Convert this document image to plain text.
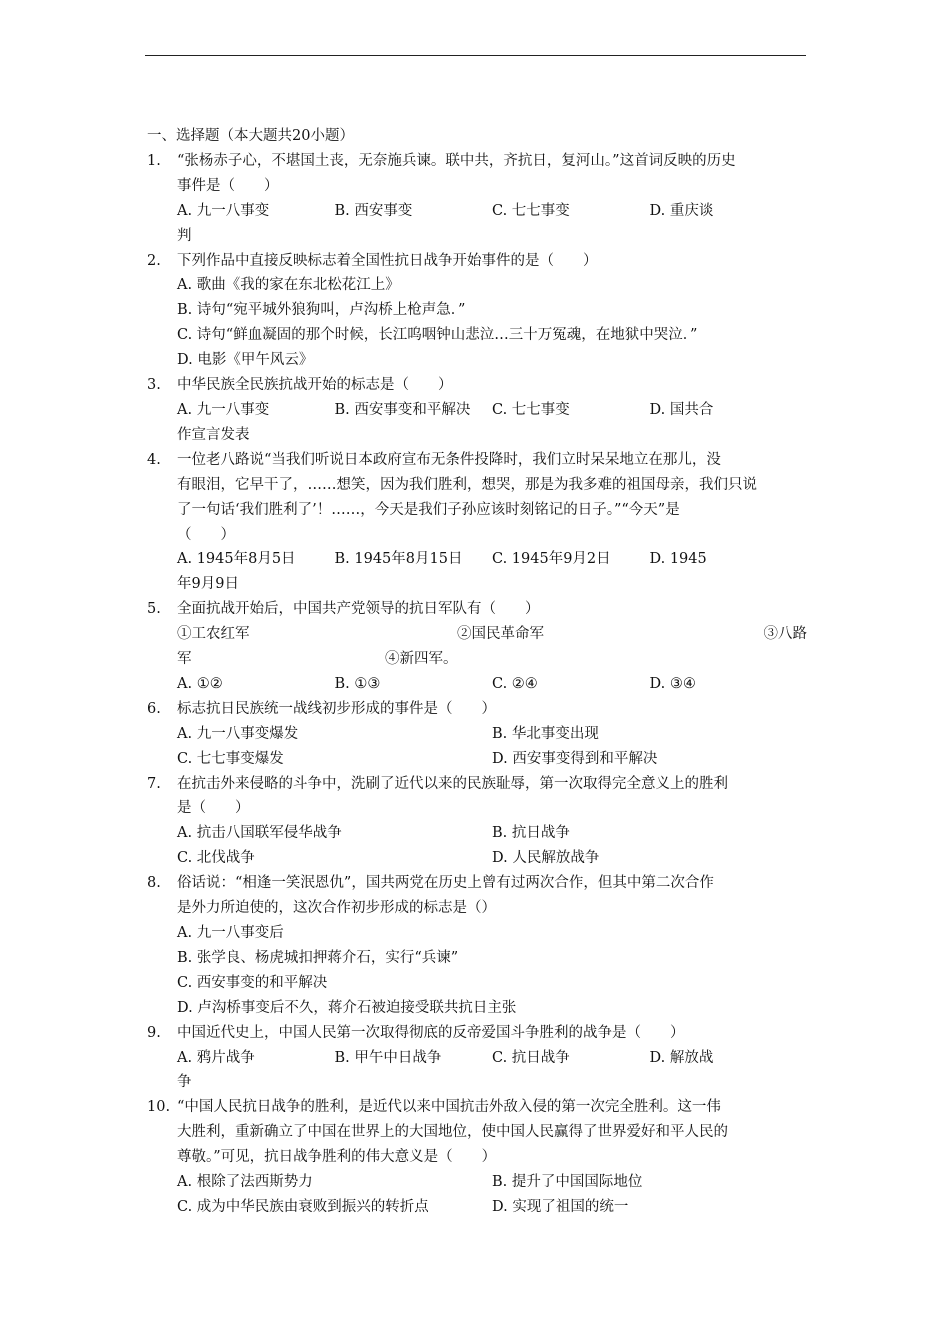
一、选择题（本大题共20小题）
1. “张杨赤子心，不堪国土丧，无奈施兵谏。联中共，齐抗日，复河山。”这首词反映的历史
事件是（　　）
A. 九一八事变	B. 西安事变	C. 七七事变	D. 重庆谈
判
2. 下列作品中直接反映标志着全国性抗日战争开始事件的是（　　）
A. 歌曲《我的家在东北松花江上》
B. 诗句“宛平城外狼狗叫，卢沟桥上枪声急．”
C. 诗句“鲜血凝固的那个时候，长江呜咽钟山悲泣…三十万冤魂，在地狱中哭泣．”
D. 电影《甲午风云》
3. 中华民族全民族抗战开始的标志是（　　）
A. 九一八事变	B. 西安事变和平解决	C. 七七事变	D. 国共合
作宣言发表
4. 一位老八路说“当我们听说日本政府宣布无条件投降时，我们立时呆呆地立在那儿，没
有眼泪，它早干了，……想笑，因为我们胜利，想哭，那是为我多难的祖国母亲，我们只说
了一句话‘我们胜利了’！……，今天是我们子孙应该时刻铭记的日子。”“今天”是
（　　）
A. 1945年8月5日	B. 1945年8月15日	C. 1945年9月2日	D. 1945
年9月9日
5. 全面抗战开始后，中国共产党领导的抗日军队有（　　）
①工农红军	②国民革命军	③八路
军	④新四军。
A. ①②	B. ①③	C. ②④	D. ③④
6. 标志抗日民族统一战线初步形成的事件是（　　）
A. 九一八事变爆发	B. 华北事变出现
C. 七七事变爆发	D. 西安事变得到和平解决
7. 在抗击外来侵略的斗争中，洗刷了近代以来的民族耻辱，第一次取得完全意义上的胜利
是（　　）
A. 抗击八国联军侵华战争	B. 抗日战争
C. 北伐战争	D. 人民解放战争
8. 俗话说：“相逢一笑泯恩仇”，国共两党在历史上曾有过两次合作，但其中第二次合作
是外力所迫使的，这次合作初步形成的标志是（）
A. 九一八事变后
B. 张学良、杨虎城扣押蒋介石，实行“兵谏”
C. 西安事变的和平解决
D. 卢沟桥事变后不久，蒋介石被迫接受联共抗日主张
9. 中国近代史上，中国人民第一次取得彻底的反帝爱国斗争胜利的战争是（　　）
A. 鸦片战争	B. 甲午中日战争	C. 抗日战争	D. 解放战
争
10. “中国人民抗日战争的胜利，是近代以来中国抗击外敌入侵的第一次完全胜利。这一伟
大胜利，重新确立了中国在世界上的大国地位，使中国人民赢得了世界爱好和平人民的
尊敬。”可见，抗日战争胜利的伟大意义是（　　）
A. 根除了法西斯势力	B. 提升了中国国际地位
C. 成为中华民族由衰败到振兴的转折点	D. 实现了祖国的统一
